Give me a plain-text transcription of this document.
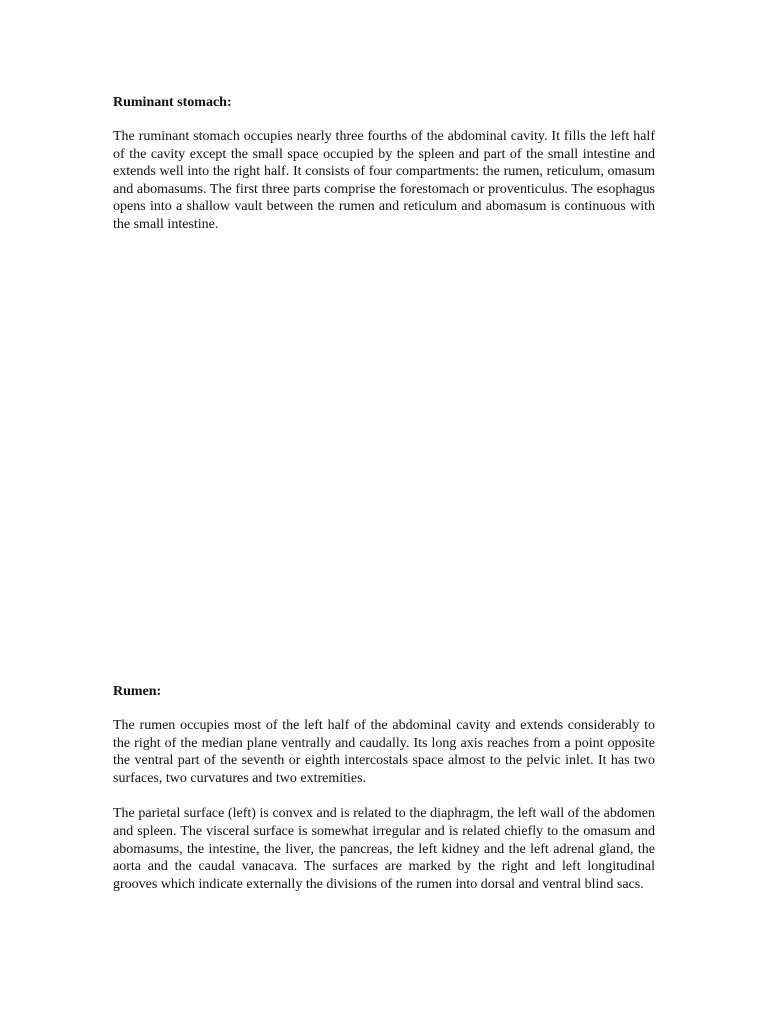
Ruminant stomach:

The ruminant stomach occupies nearly three fourths of the abdominal cavity. It fills the left half of the cavity except the small space occupied by the spleen and part of the small intestine and extends well into the right half. It consists of four compartments: the rumen, reticulum, omasum and abomasums. The first three parts comprise the forestomach or proventiculus. The esophagus opens into a shallow vault between the rumen and reticulum and abomasum is continuous with the small intestine.

Rumen:

The rumen occupies most of the left half of the abdominal cavity and extends considerably to the right of the median plane ventrally and caudally. Its long axis reaches from a point opposite the ventral part of the seventh or eighth intercostals space almost to the pelvic inlet. It has two surfaces, two curvatures and two extremities.

The parietal surface (left) is convex and is related to the diaphragm, the left wall of the abdomen and spleen. The visceral surface is somewhat irregular and is related chiefly to the omasum and abomasums, the intestine, the liver, the pancreas, the left kidney and the left adrenal gland, the aorta and the caudal vanacava. The surfaces are marked by the right and left longitudinal grooves which indicate externally the divisions of the rumen into dorsal and ventral blind sacs.
